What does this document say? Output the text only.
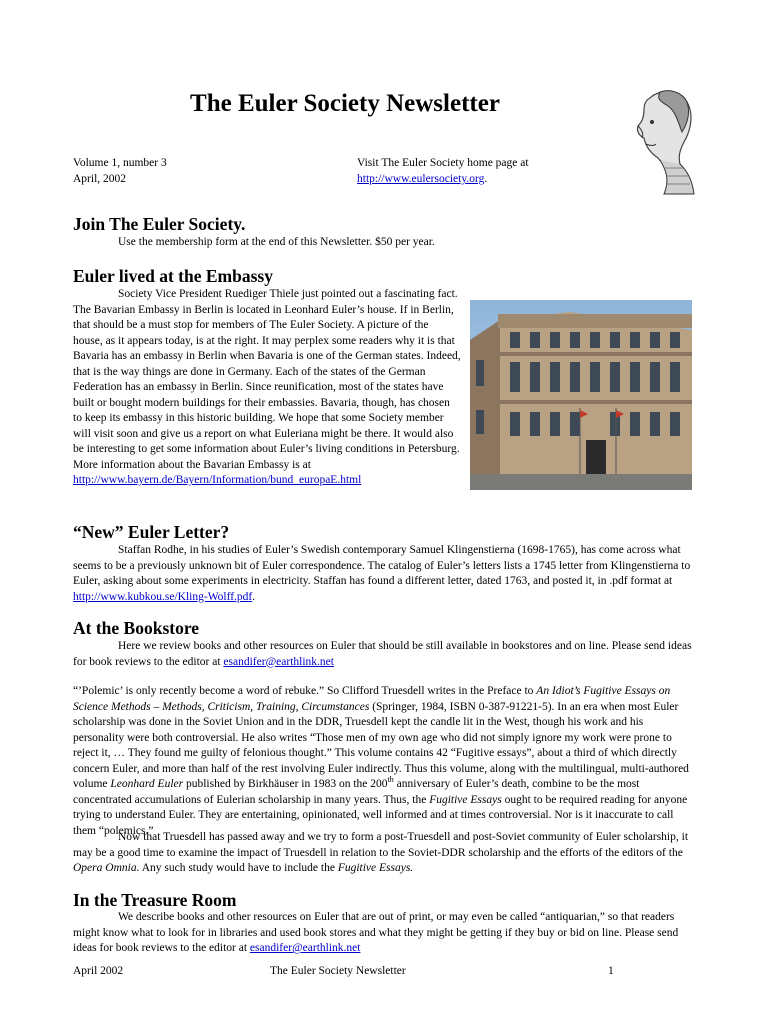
The Euler Society Newsletter
Volume 1, number 3
April, 2002
Visit The Euler Society home page at
http://www.eulersociety.org.
Join The Euler Society.

Use the membership form at the end of this Newsletter. $50 per year.

Euler lived at the Embassy

Society Vice President Ruediger Thiele just pointed out a fascinating fact. The Bavarian Embassy in Berlin is located in Leonhard Euler’s house. If in Berlin, that should be a must stop for members of The Euler Society. A picture of the house, as it appears today, is at the right. It may perplex some readers why it is that Bavaria has an embassy in Berlin when Bavaria is one of the German states. Indeed, that is the way things are done in Germany. Each of the states of the German Federation has an embassy in Berlin. Since reunification, most of the states have built or bought modern buildings for their embassies. Bavaria, though, has chosen to keep its embassy in this historic building. We hope that some Society member will visit soon and give us a report on what Euleriana might be there. It would also be interesting to get some information about Euler’s living conditions in Petersburg. More information about the Bavarian Embassy is at
http://www.bayern.de/Bayern/Information/bund_europaE.html

“New” Euler Letter?

Staffan Rodhe, in his studies of Euler’s Swedish contemporary Samuel Klingenstierna (1698-1765), has come across what seems to be a previously unknown bit of Euler correspondence. The catalog of Euler’s letters lists a 1745 letter from Klingenstierna to Euler, asking about some experiments in electricity. Staffan has found a different letter, dated 1763, and posted it, in .pdf format at http://www.kubkou.se/Kling-Wolff.pdf.

At the Bookstore

Here we review books and other resources on Euler that should be still available in bookstores and on line. Please send ideas for book reviews to the editor at esandifer@earthlink.net

“’Polemic’ is only recently become a word of rebuke.” So Clifford Truesdell writes in the Preface to An Idiot’s Fugitive Essays on Science Methods – Methods, Criticism, Training, Circumstances (Springer, 1984, ISBN 0-387-91221-5). In an era when most Euler scholarship was done in the Soviet Union and in the DDR, Truesdell kept the candle lit in the West, though his work and his personality were both controversial. He also writes “Those men of my own age who did not simply ignore my work were prone to reject it, … They found me guilty of felonious thought.” This volume contains 42 “Fugitive essays”, about a third of which directly concern Euler, and more than half of the rest involving Euler indirectly. Thus this volume, along with the multilingual, multi-authored volume Leonhard Euler published by Birkhäuser in 1983 on the 200th anniversary of Euler’s death, combine to be the most concentrated accumulations of Eulerian scholarship in many years. Thus, the Fugitive Essays ought to be required reading for anyone trying to understand Euler. They are entertaining, opinionated, well informed and at times controversial. Nor is it inaccurate to call them “polemics.”

Now that Truesdell has passed away and we try to form a post-Truesdell and post-Soviet community of Euler scholarship, it may be a good time to examine the impact of Truesdell in relation to the Soviet-DDR scholarship and the efforts of the editors of the Opera Omnia. Any such study would have to include the Fugitive Essays.

In the Treasure Room

We describe books and other resources on Euler that are out of print, or may even be called “antiquarian,” so that readers might know what to look for in libraries and used book stores and what they might be getting if they buy or bid on line. Please send ideas for book reviews to the editor at esandifer@earthlink.net

April 2002	The Euler Society Newsletter	1
